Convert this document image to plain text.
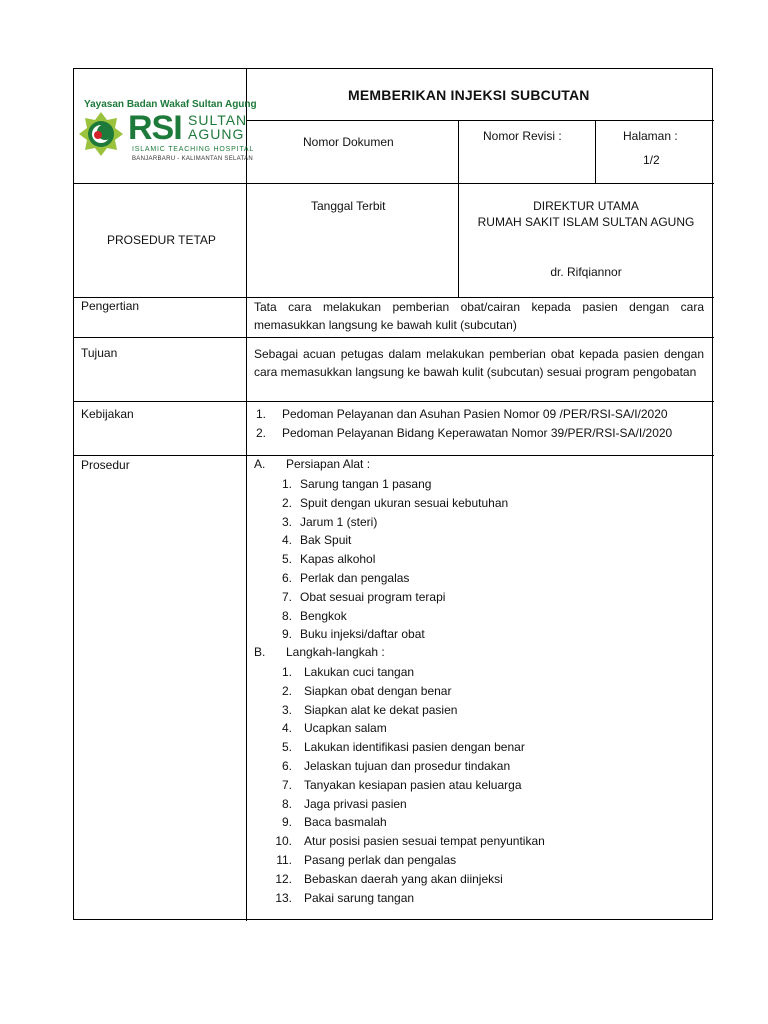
Yayasan Badan Wakaf Sultan Agung
RSI SULTAN
AGUNG
ISLAMIC TEACHING HOSPITAL
BANJARBARU - KALIMANTAN SELATAN
MEMBERIKAN INJEKSI SUBCUTAN
Nomor Dokumen	Nomor Revisi :	Halaman :
1/2
PROSEDUR TETAP
Tanggal Terbit	DIREKTUR UTAMA
RUMAH SAKIT ISLAM SULTAN AGUNG
dr. Rifqiannor
Pengertian	Tata cara melakukan pemberian obat/cairan kepada pasien dengan cara memasukkan langsung ke bawah kulit (subcutan)
Tujuan	Sebagai acuan petugas dalam melakukan pemberian obat kepada pasien dengan cara memasukkan langsung ke bawah kulit (subcutan) sesuai program pengobatan
Kebijakan	1. Pedoman Pelayanan dan Asuhan Pasien Nomor 09 /PER/RSI-SA/I/2020
2. Pedoman Pelayanan Bidang Keperawatan Nomor 39/PER/RSI-SA/I/2020
Prosedur	A. Persiapan Alat :
1. Sarung tangan 1 pasang
2. Spuit dengan ukuran sesuai kebutuhan
3. Jarum 1 (steri)
4. Bak Spuit
5. Kapas alkohol
6. Perlak dan pengalas
7. Obat sesuai program terapi
8. Bengkok
9. Buku injeksi/daftar obat
B. Langkah-langkah :
1. Lakukan cuci tangan
2. Siapkan obat dengan benar
3. Siapkan alat ke dekat pasien
4. Ucapkan salam
5. Lakukan identifikasi pasien dengan benar
6. Jelaskan tujuan dan prosedur tindakan
7. Tanyakan kesiapan pasien atau keluarga
8. Jaga privasi pasien
9. Baca basmalah
10. Atur posisi pasien sesuai tempat penyuntikan
11. Pasang perlak dan pengalas
12. Bebaskan daerah yang akan diinjeksi
13. Pakai sarung tangan
